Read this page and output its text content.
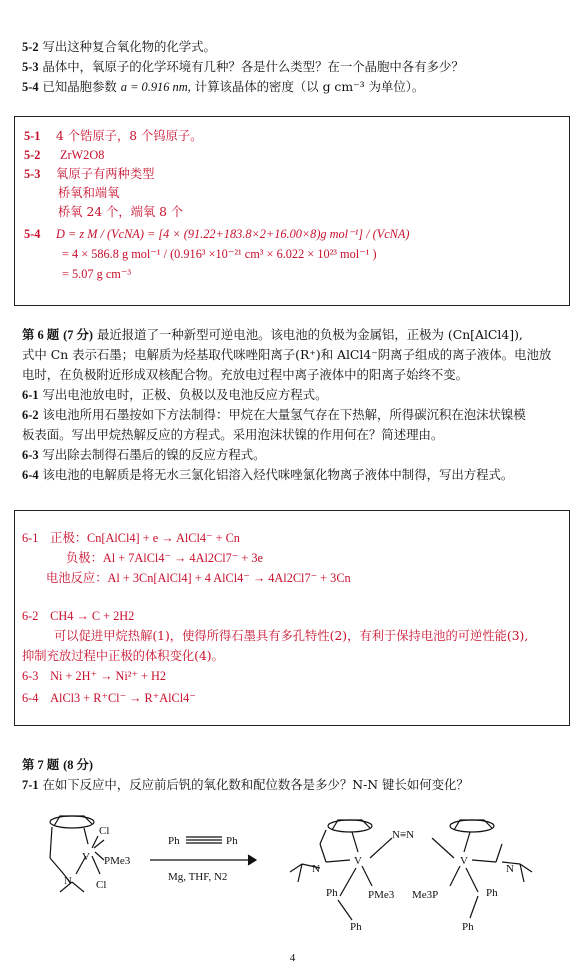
5-2 写出这种复合氧化物的化学式。
5-3 晶体中，氧原子的化学环境有几种？各是什么类型？在一个晶胞中各有多少？
5-4 已知晶胞参数 a = 0.916 nm, 计算该晶体的密度（以 g cm⁻³ 为单位）。
5-1 4 个锆原子，8 个钨原子。
5-2 ZrW2O8
5-3 氧原子有两种类型
桥氧和端氧
桥氧 24 个，端氧 8 个
5-4 D = z M / (VcNA) = [4 × (91.22+183.8×2+16.00×8)g mol⁻¹] / (VcNA)
= 4 × 586.8 g mol⁻¹ / (0.916³ ×10⁻²¹ cm³ × 6.022 × 10²³ mol⁻¹ )
= 5.07 g cm⁻³
第 6 题 (7 分) 最近报道了一种新型可逆电池。该电池的负极为金属铝，正极为 (Cn[AlCl4]),
式中 Cn 表示石墨；电解质为烃基取代咪唑阳离子(R⁺)和 AlCl4⁻阴离子组成的离子液体。电池放
电时，在负极附近形成双核配合物。充放电过程中离子液体中的阳离子始终不变。
6-1 写出电池放电时，正极、负极以及电池反应方程式。
6-2 该电池所用石墨按如下方法制得：甲烷在大量氢气存在下热解，所得碳沉积在泡沫状镍模
板表面。写出甲烷热解反应的方程式。采用泡沫状镍的作用何在？简述理由。
6-3 写出除去制得石墨后的镍的反应方程式。
6-4 该电池的电解质是将无水三氯化铝溶入烃代咪唑氯化物离子液体中制得，写出方程式。
6-1 正极：Cn[AlCl4] + e → AlCl4⁻ + Cn
负极：Al + 7AlCl4⁻ → 4Al2Cl7⁻ + 3e
电池反应：Al + 3Cn[AlCl4] + 4 AlCl4⁻ → 4Al2Cl7⁻ + 3Cn
6-2 CH4 → C + 2H2
可以促进甲烷热解(1)，使得所得石墨具有多孔特性(2)，有利于保持电池的可逆性能(3),
抑制充放过程中正极的体积变化(4)。
6-3 Ni + 2H⁺ → Ni²⁺ + H2
6-4 AlCl3 + R⁺Cl⁻ → R⁺AlCl4⁻
第 7 题 (8 分)
7-1 在如下反应中，反应前后钒的氧化数和配位数各是多少？N-N 键长如何变化？
V
Cl
Cl
PMe3
N
Ph	Ph
Mg, THF, N2
N≡N
V	V
PMe3 Me3P	Ph
Ph
Ph	Ph
N	N
4
